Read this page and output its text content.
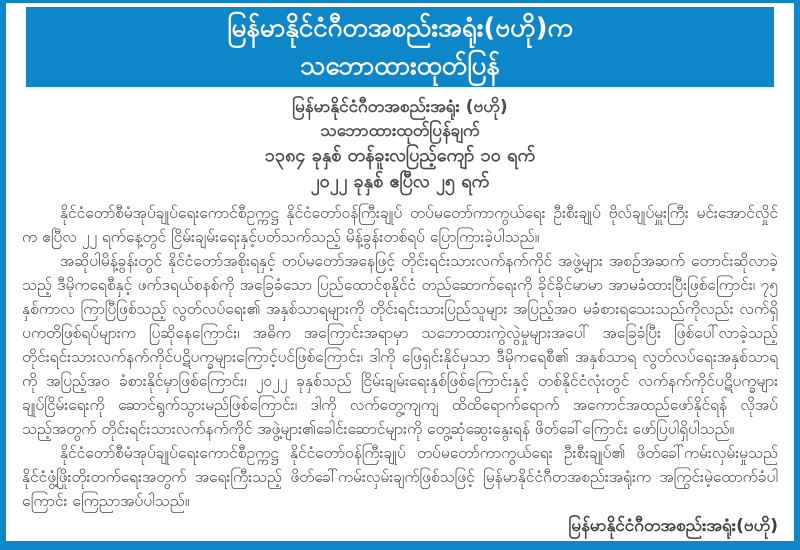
မြန်မာနိုင်ငံဂီတအစည်းအရုံး(ဗဟို)က
သဘောထားထုတ်ပြန်
မြန်မာနိုင်ငံဂီတအစည်းအရုံး (ဗဟို)
သဘောထားထုတ်ပြန်ချက်
၁၃၈၄ ခုနှစ် တန်ခူးလပြည့်ကျော် ၁၀ ရက်
၂၀၂၂ ခုနှစ် ဧပြီလ ၂၅ ရက်

နိုင်ငံတော်စီမံအုပ်ချုပ်ရေးကောင်စီဥက္ကဋ္ဌ နိုင်ငံတော်ဝန်ကြီးချုပ် တပ်မတော်ကာကွယ်ရေး ဦးစီးချုပ် ဗိုလ်ချုပ်မှူးကြီး မင်းအောင်လှိုင်က ဧပြီလ ၂၂ ရက်နေ့တွင် ငြိမ်းချမ်းရေးနှင့်ပတ်သက်သည့် မိန့်ခွန်းတစ်ရပ် ပြောကြားခဲ့ပါသည်။

အဆိုပါမိန့်ခွန်းတွင် နိုင်ငံတော်အစိုးရနှင့် တပ်မတော်အနေဖြင့် တိုင်းရင်းသားလက်နက်ကိုင် အဖွဲ့များ အစဉ်အဆက် တောင်းဆိုလာခဲ့သည့် ဒီမိုကရေစီနှင့် ဖက်ဒရယ်စနစ်ကို အခြေခံသော ပြည်ထောင်စုနိုင်ငံ တည်ဆောက်ရေးကို ခိုင်ခိုင်မာမာ အာမခံထားပြီးဖြစ်ကြောင်း၊ ၇၅ နှစ်ကာလ ကြာပြီဖြစ်သည့် လွတ်လပ်ရေး၏ အနှစ်သာရများကို တိုင်းရင်းသားပြည်သူများ အပြည့်အဝ မခံစားရသေးသည်ကိုလည်း လက်ရှိပကတိဖြစ်ရပ်များက ပြဆိုနေကြောင်း၊ အဓိက အကြောင်းအရာမှာ သဘောထားကွဲလွဲမှုများအပေါ် အခြေခံပြီး ဖြစ်ပေါ်လာခဲ့သည့် တိုင်းရင်းသားလက်နက်ကိုင်ပဋိပက္ခများကြောင့်ပင်ဖြစ်ကြောင်း၊ ဒါကို ဖြေရှင်းနိုင်မှသာ ဒီမိုကရေစီ၏ အနှစ်သာရ လွတ်လပ်ရေးအနှစ်သာရကို အပြည့်အဝ ခံစားနိုင်မှာဖြစ်ကြောင်း၊ ၂၀၂၂ ခုနှစ်သည် ငြိမ်းချမ်းရေးနှစ်ဖြစ်ကြောင်းနှင့် တစ်နိုင်ငံလုံးတွင် လက်နက်ကိုင်ပဋိပက္ခများ ချုပ်ငြိမ်းရေးကို ဆောင်ရွက်သွားမည်ဖြစ်ကြောင်း၊ ဒါကို လက်တွေ့ကျကျ ထိထိရောက်ရောက် အကောင်အထည်ဖော်နိုင်ရန် လိုအပ်သည့်အတွက် တိုင်းရင်းသားလက်နက်ကိုင် အဖွဲ့များ၏ခေါင်းဆောင်များကို တွေ့ဆုံဆွေးနွေးရန် ဖိတ်ခေါ်ကြောင်း ဖော်ပြပါရှိပါသည်။

နိုင်ငံတော်စီမံအုပ်ချုပ်ရေးကောင်စီဥက္ကဋ္ဌ နိုင်ငံတော်ဝန်ကြီးချုပ် တပ်မတော်ကာကွယ်ရေး ဦးစီးချုပ်၏ ဖိတ်ခေါ်ကမ်းလှမ်းမှုသည် နိုင်ငံဖွံ့ဖြိုးတိုးတက်ရေးအတွက် အရေးကြီးသည့် ဖိတ်ခေါ်ကမ်းလှမ်းချက်ဖြစ်သဖြင့် မြန်မာနိုင်ငံဂီတအစည်းအရုံးက အကြွင်းမဲ့ထောက်ခံပါကြောင်း ကြေညာအပ်ပါသည်။

မြန်မာနိုင်ငံဂီတအစည်းအရုံး(ဗဟို)
